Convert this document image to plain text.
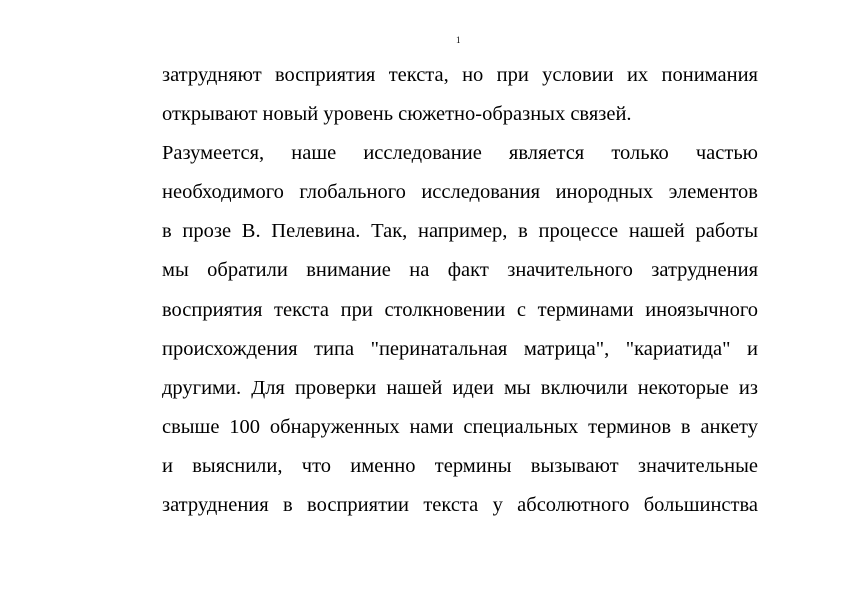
1
затрудняют восприятия текста, но при условии их понимания
открывают новый уровень сюжетно-образных связей.
Разумеется, наше исследование является только частью
необходимого глобального исследования инородных элементов
в прозе В. Пелевина. Так, например, в процессе нашей работы
мы обратили внимание на факт значительного затруднения
восприятия текста при столкновении с терминами иноязычного
происхождения типа "перинатальная матрица", "кариатида" и
другими. Для проверки нашей идеи мы включили некоторые из
свыше 100 обнаруженных нами специальных терминов в анкету
и выяснили, что именно термины вызывают значительные
затруднения в восприятии текста у абсолютного большинства
